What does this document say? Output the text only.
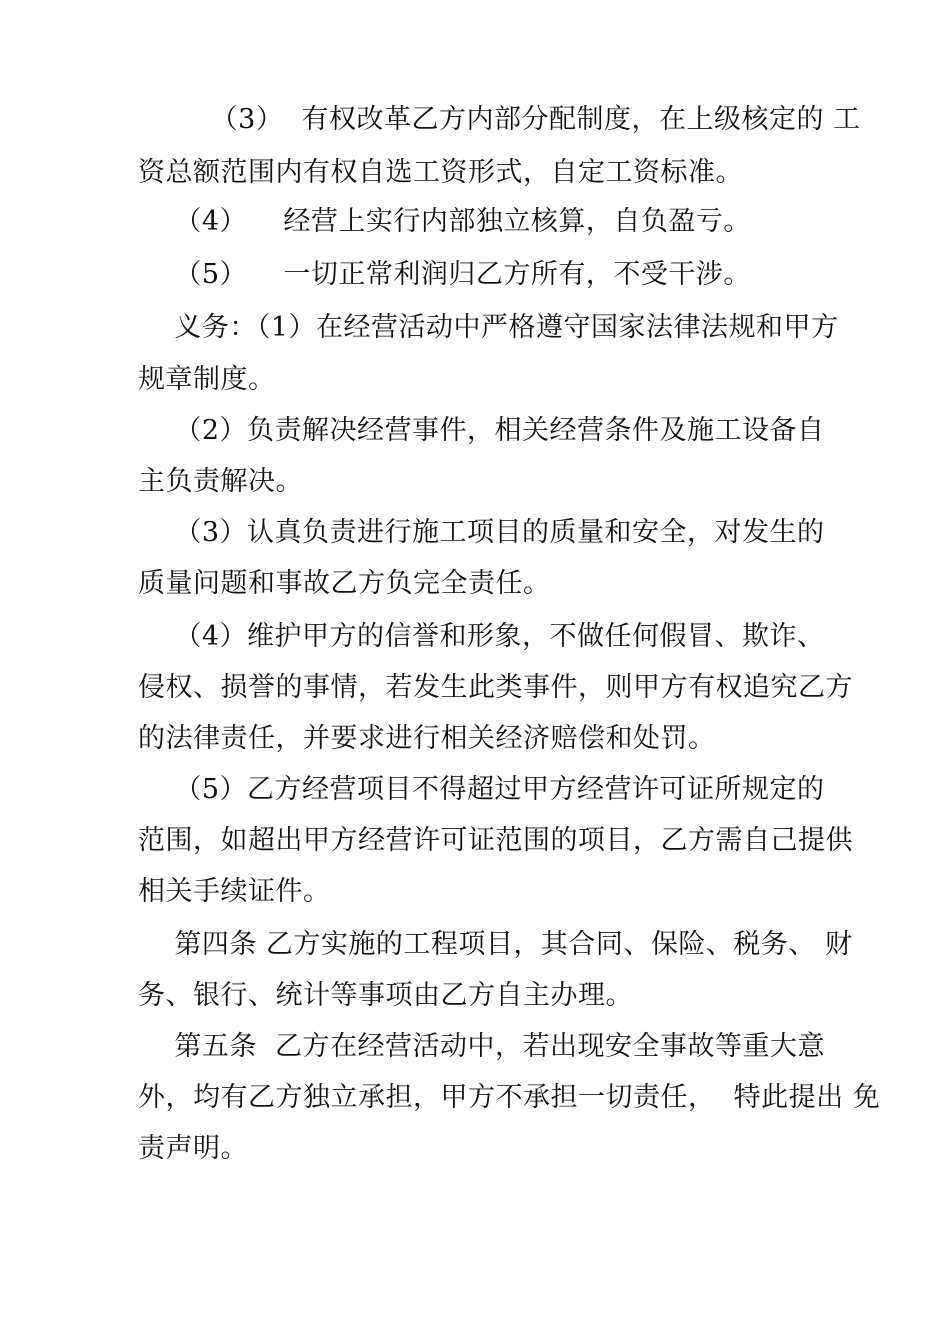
（3）  有权改革乙方内部分配制度，在上级核定的 工
资总额范围内有权自选工资形式，自定工资标准。
（4）    经营上实行内部独立核算，自负盈亏。
（5）    一切正常利润归乙方所有，不受干涉。
义务：（1）在经营活动中严格遵守国家法律法规和甲方
规章制度。
（2）负责解决经营事件，相关经营条件及施工设备自
主负责解决。
（3）认真负责进行施工项目的质量和安全，对发生的
质量问题和事故乙方负完全责任。
（4）维护甲方的信誉和形象，不做任何假冒、欺诈、
侵权、损誉的事情，若发生此类事件，则甲方有权追究乙方
的法律责任，并要求进行相关经济赔偿和处罚。
（5）乙方经营项目不得超过甲方经营许可证所规定的
范围，如超出甲方经营许可证范围的项目，乙方需自己提供
相关手续证件。
第四条 乙方实施的工程项目，其合同、保险、税务、 财
务、银行、统计等事项由乙方自主办理。
第五条  乙方在经营活动中，若出现安全事故等重大意
外，均有乙方独立承担，甲方不承担一切责任，  特此提出 免
责声明。
